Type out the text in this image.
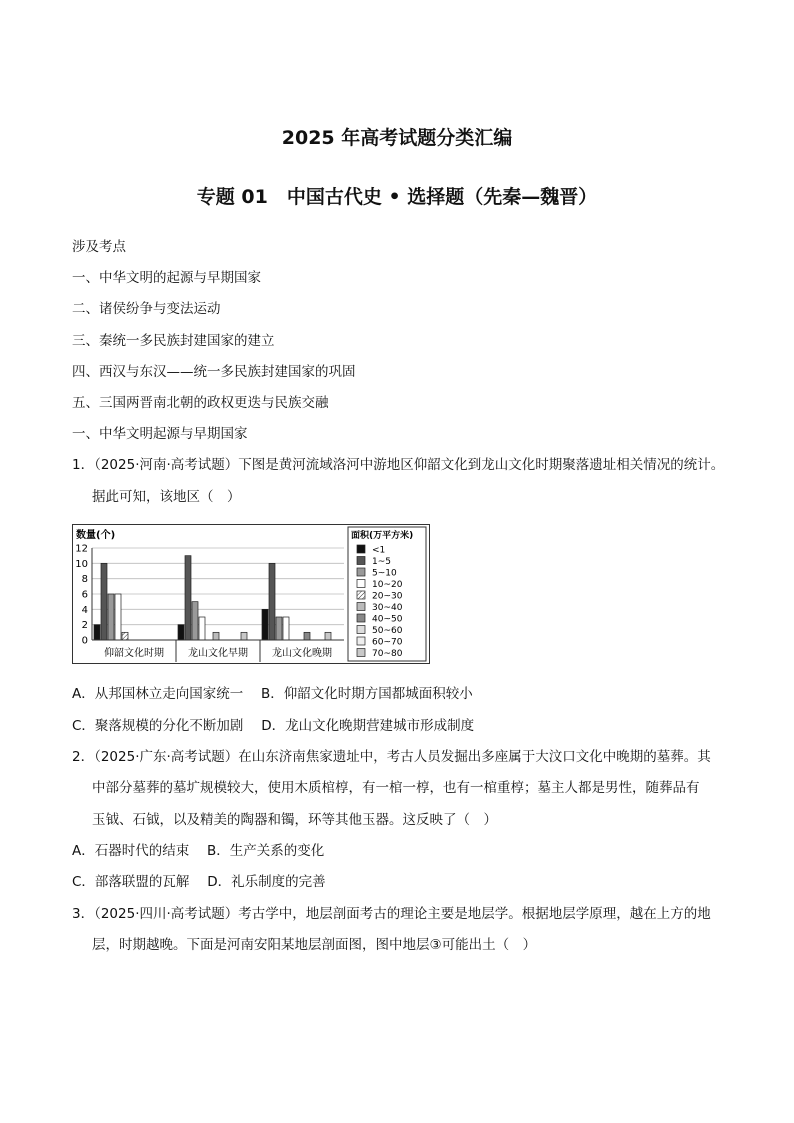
2025 年高考试题分类汇编
专题 01　中国古代史 • 选择题（先秦—魏晋）
涉及考点
一、中华文明的起源与早期国家
二、诸侯纷争与变法运动
三、秦统一多民族封建国家的建立
四、西汉与东汉——统一多民族封建国家的巩固
五、三国两晋南北朝的政权更迭与民族交融
一、中华文明起源与早期国家
1．（2025·河南·高考试题）下图是黄河流域洛河中游地区仰韶文化到龙山文化时期聚落遗址相关情况的统计。
据此可知，该地区（　）
0
2
4
6
8
10
12
数量(个)
仰韶文化时期 龙山文化早期 龙山文化晚期
面积(万平方米)
<1
1~5
5~10
10~20
20~30
30~40
40~50
50~60
60~70
70~80
A．从邦国林立走向国家统一　 B．仰韶文化时期方国都城面积较小
C．聚落规模的分化不断加剧　 D．龙山文化晚期营建城市形成制度
2．（2025·广东·高考试题）在山东济南焦家遗址中，考古人员发掘出多座属于大汶口文化中晚期的墓葬。其
中部分墓葬的墓圹规模较大，使用木质棺椁，有一棺一椁，也有一棺重椁；墓主人都是男性，随葬品有
玉钺、石钺，以及精美的陶器和镯，环等其他玉器。这反映了（　）
A．石器时代的结束　 B．生产关系的变化
C．部落联盟的瓦解　 D．礼乐制度的完善
3．（2025·四川·高考试题）考古学中，地层剖面考古的理论主要是地层学。根据地层学原理，越在上方的地
层，时期越晚。下面是河南安阳某地层剖面图，图中地层③可能出土（　）
